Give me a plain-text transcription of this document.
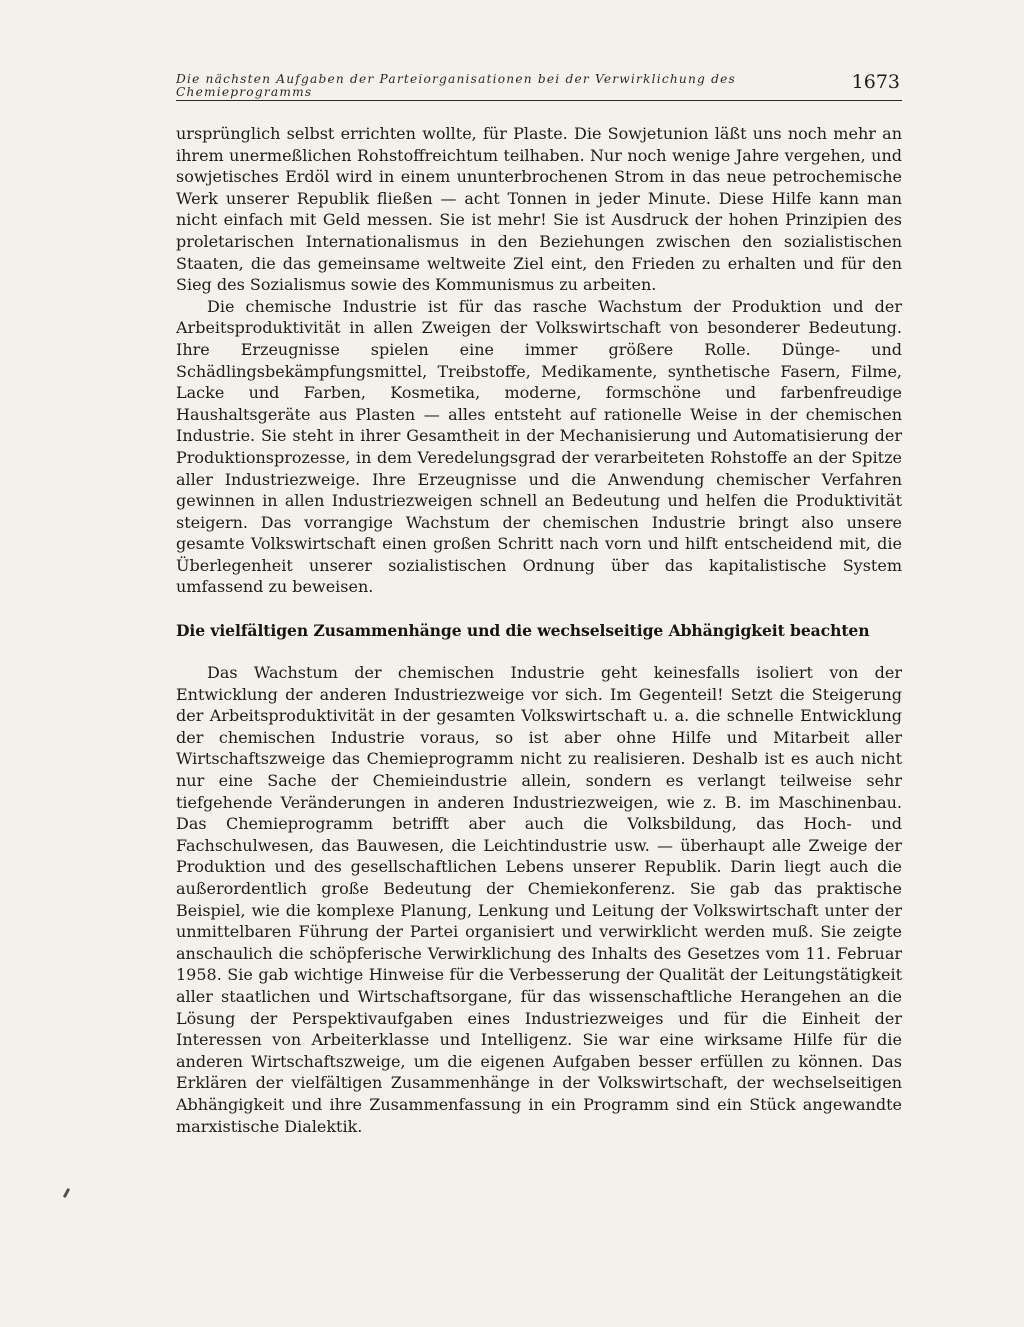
Die nächsten Aufgaben der Parteiorganisationen bei der Verwirklichung des Chemieprogramms	1673

ursprünglich selbst errichten wollte, für Plaste. Die Sowjetunion läßt uns noch mehr an ihrem unermeßlichen Rohstoffreichtum teilhaben. Nur noch wenige Jahre vergehen, und sowjetisches Erdöl wird in einem ununterbrochenen Strom in das neue petrochemische Werk unserer Republik fließen — acht Tonnen in jeder Minute. Diese Hilfe kann man nicht einfach mit Geld messen. Sie ist mehr! Sie ist Ausdruck der hohen Prinzipien des proletarischen Internationalismus in den Beziehungen zwischen den sozialistischen Staaten, die das gemeinsame weltweite Ziel eint, den Frieden zu erhalten und für den Sieg des Sozialismus sowie des Kommunismus zu arbeiten.

Die chemische Industrie ist für das rasche Wachstum der Produktion und der Arbeitsproduktivität in allen Zweigen der Volkswirtschaft von besonderer Bedeutung. Ihre Erzeugnisse spielen eine immer größere Rolle. Dünge- und Schädlingsbekämpfungsmittel, Treibstoffe, Medikamente, synthetische Fasern, Filme, Lacke und Farben, Kosmetika, moderne, formschöne und farbenfreudige Haushaltsgeräte aus Plasten — alles entsteht auf rationelle Weise in der chemischen Industrie. Sie steht in ihrer Gesamtheit in der Mechanisierung und Automatisierung der Produktionsprozesse, in dem Veredelungsgrad der verarbeiteten Rohstoffe an der Spitze aller Industriezweige. Ihre Erzeugnisse und die Anwendung chemischer Verfahren gewinnen in allen Industriezweigen schnell an Bedeutung und helfen die Produktivität steigern. Das vorrangige Wachstum der chemischen Industrie bringt also unsere gesamte Volkswirtschaft einen großen Schritt nach vorn und hilft entscheidend mit, die Überlegenheit unserer sozialistischen Ordnung über das kapitalistische System umfassend zu beweisen.

Die vielfältigen Zusammenhänge und die wechselseitige Abhängigkeit beachten

Das Wachstum der chemischen Industrie geht keinesfalls isoliert von der Entwicklung der anderen Industriezweige vor sich. Im Gegenteil! Setzt die Steigerung der Arbeitsproduktivität in der gesamten Volkswirtschaft u. a. die schnelle Entwicklung der chemischen Industrie voraus, so ist aber ohne Hilfe und Mitarbeit aller Wirtschaftszweige das Chemieprogramm nicht zu realisieren. Deshalb ist es auch nicht nur eine Sache der Chemieindustrie allein, sondern es verlangt teilweise sehr tiefgehende Veränderungen in anderen Industriezweigen, wie z. B. im Maschinenbau. Das Chemieprogramm betrifft aber auch die Volksbildung, das Hoch- und Fachschulwesen, das Bauwesen, die Leichtindustrie usw. — überhaupt alle Zweige der Produktion und des gesellschaftlichen Lebens unserer Republik. Darin liegt auch die außerordentlich große Bedeutung der Chemiekonferenz. Sie gab das praktische Beispiel, wie die komplexe Planung, Lenkung und Leitung der Volkswirtschaft unter der unmittelbaren Führung der Partei organisiert und verwirklicht werden muß. Sie zeigte anschaulich die schöpferische Verwirklichung des Inhalts des Gesetzes vom 11. Februar 1958. Sie gab wichtige Hinweise für die Verbesserung der Qualität der Leitungstätigkeit aller staatlichen und Wirtschaftsorgane, für das wissenschaftliche Herangehen an die Lösung der Perspektivaufgaben eines Industriezweiges und für die Einheit der Interessen von Arbeiterklasse und Intelligenz. Sie war eine wirksame Hilfe für die anderen Wirtschaftszweige, um die eigenen Aufgaben besser erfüllen zu können. Das Erklären der vielfältigen Zusammenhänge in der Volkswirtschaft, der wechselseitigen Abhängigkeit und ihre Zusammenfassung in ein Programm sind ein Stück angewandte marxistische Dialektik.
